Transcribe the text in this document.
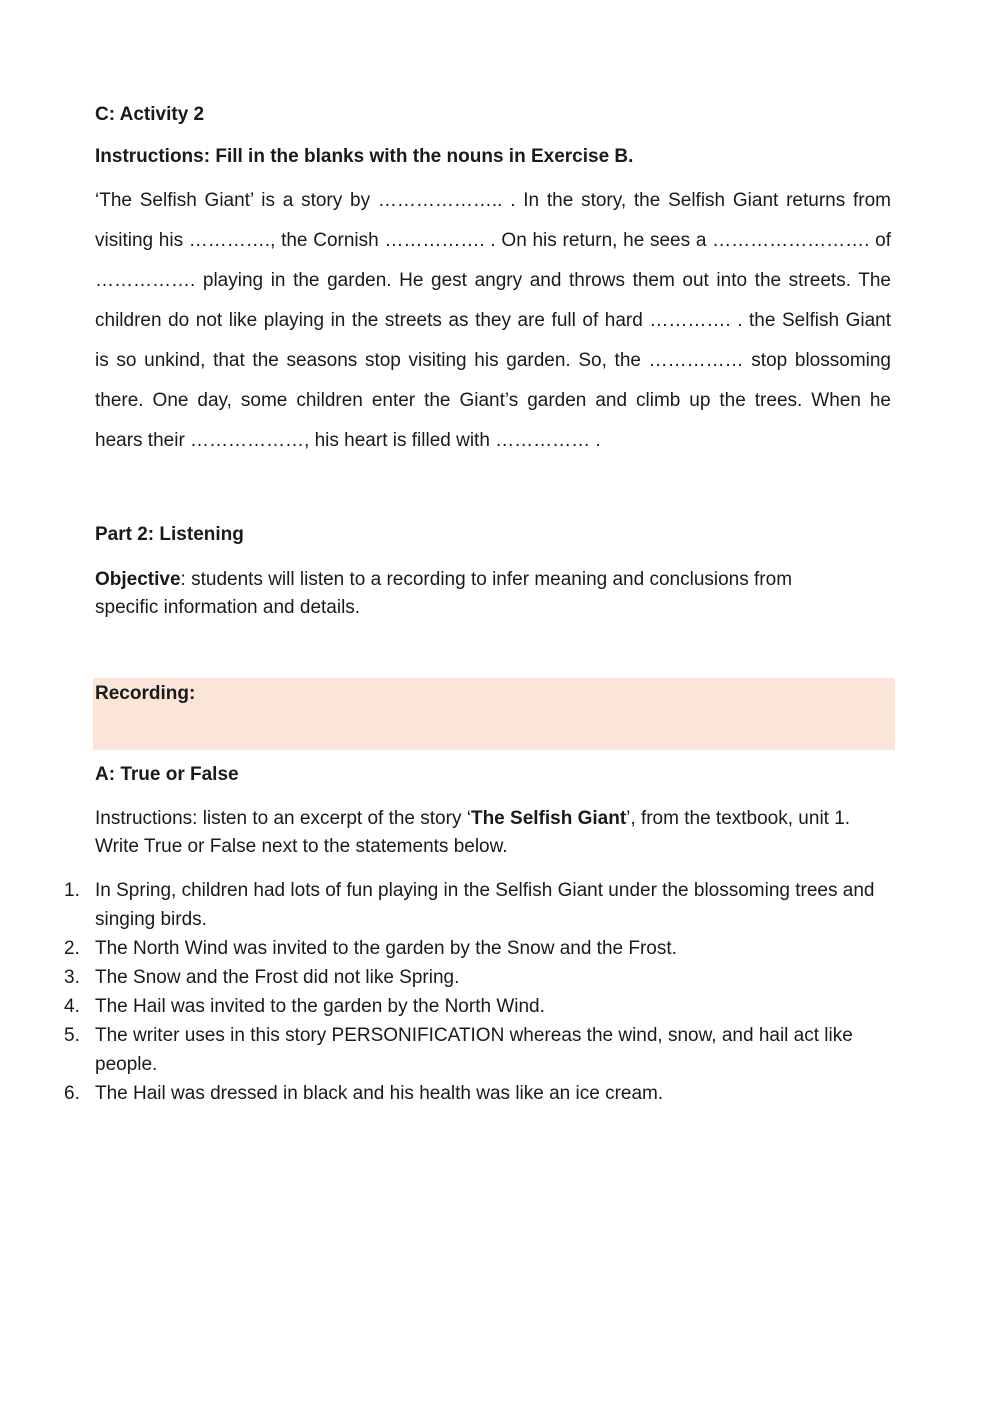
C: Activity 2
Instructions: Fill in the blanks with the nouns in Exercise B.
‘The Selfish Giant’ is a story by ……………….. . In the story, the Selfish Giant returns from
visiting his …………., the Cornish ……………. . On his return, he sees a ……………………. of
……………. playing in the garden. He gest angry and throws them out into the streets. The
children do not like playing in the streets as they are full of hard …………. . the Selfish Giant
is so unkind, that the seasons stop visiting his garden. So, the …………… stop blossoming
there. One day, some children enter the Giant’s garden and climb up the trees. When he
hears their ………………, his heart is filled with …………… .
Part 2: Listening
Objective: students will listen to a recording to infer meaning and conclusions from specific information and details.
Recording:
A: True or False
Instructions: listen to an excerpt of the story ‘The Selfish Giant’, from the textbook, unit 1. Write True or False next to the statements below.
1. In Spring, children had lots of fun playing in the Selfish Giant under the blossoming trees and singing birds.
2. The North Wind was invited to the garden by the Snow and the Frost.
3. The Snow and the Frost did not like Spring.
4. The Hail was invited to the garden by the North Wind.
5. The writer uses in this story PERSONIFICATION whereas the wind, snow, and hail act like people.
6. The Hail was dressed in black and his health was like an ice cream.
